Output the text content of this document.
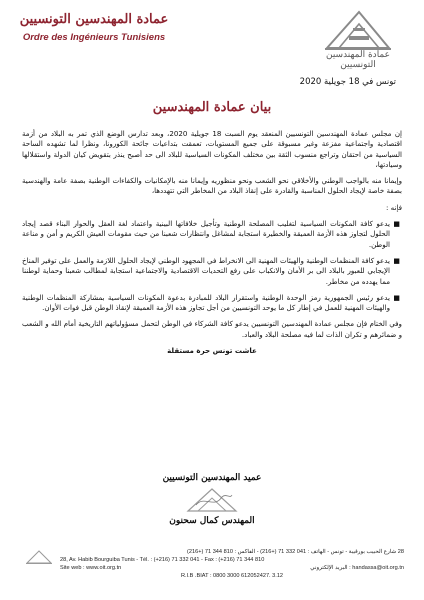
عمادة المهندسين التونسيين
Ordre des Ingénieurs Tunisiens
عمادة المهندسين التونسيين
تونس في 18 جويلية 2020
بيان عمادة المهندسين

إن مجلس عمادة المهندسين التونسيين المنعقد يوم السبت 18 جويلية 2020، وبعد تدارس الوضع الذي تمر به البلاد من أزمة اقتصادية واجتماعية مفزعة وغير مسبوقة على جميع المستويات، تعمقت بتداعيات جائحة الكورونا، ونظرا لما تشهده الساحة السياسية من احتقان وتراجع منسوب الثقة بين مختلف المكونات السياسية للبلاد الى حد أصبح ينذر بتقويض كيان الدولة واستقلالها وسيادتها،

وإيمانا منه بالواجب الوطني والأخلاقي نحو الشعب ونحو منظوريه وإيمانا منه بالإمكانيات والكفاءات الوطنية بصفة عامة والهندسية بصفة خاصة لإيجاد الحلول المناسبة والقادرة على إنقاذ البلاد من المخاطر التي تتهددها،

فإنه :
■
يدعو كافة المكونات السياسية لتغليب المصلحة الوطنية وتأجيل خلافاتها البينية واعتماد لغة العقل والحوار البناء قصد إيجاد الحلول لتجاوز هذه الأزمة العميقة والخطيرة استجابة لمشاغل وانتظارات شعبنا من حيث مقومات العيش الكريم و أمن و مناعة الوطن.
■
يدعو كافة المنظمات الوطنية والهيئات المهنية الى الانخراط في المجهود الوطني لإيجاد الحلول اللازمة والعمل على توفير المناخ الإيجابي للعبور بالبلاد الى بر الأمان والانكباب على رفع التحديات الاقتصادية والاجتماعية استجابة لمطالب شعبنا وحماية لوطننا مما يهدده من مخاطر.
■
يدعو رئيس الجمهورية رمز الوحدة الوطنية واستقرار البلاد للمبادرة بدعوة المكونات السياسية بمشاركة المنظمات الوطنية والهيئات المهنية للعمل في إطار كل ما يوحد التونسيين من أجل تجاوز هذه الأزمة العميقة لإنقاذ الوطن قبل فوات الأوان.

وفي الختام فإن مجلس عمادة المهندسين التونسيين يدعو كافة الشركاء في الوطن لتحمل مسؤولياتهم التاريخية أمام الله و الشعب و ضمائرهم و تكران الذات لما فيه مصلحة البلاد والعباد.

عاشت تونس حرة مستقلة
عميد المهندسين التونسيين
المهندس كمال سحنون
28 شارع الحبيب بورقيبة - تونس - الهاتف : 041 332 71 (+216) - الفاكس : 810 344 71 (+216)
28, Av. Habib Bourguiba Tunis - Tél. : (+216) 71 332 041 - Fax : (+216) 71 344 810
Site web : www.oit.org.tn	handassa@oit.org.tn : البريد الإلكتروني
R.I.B .BIAT : 0800 3000 612052427. 3.12
